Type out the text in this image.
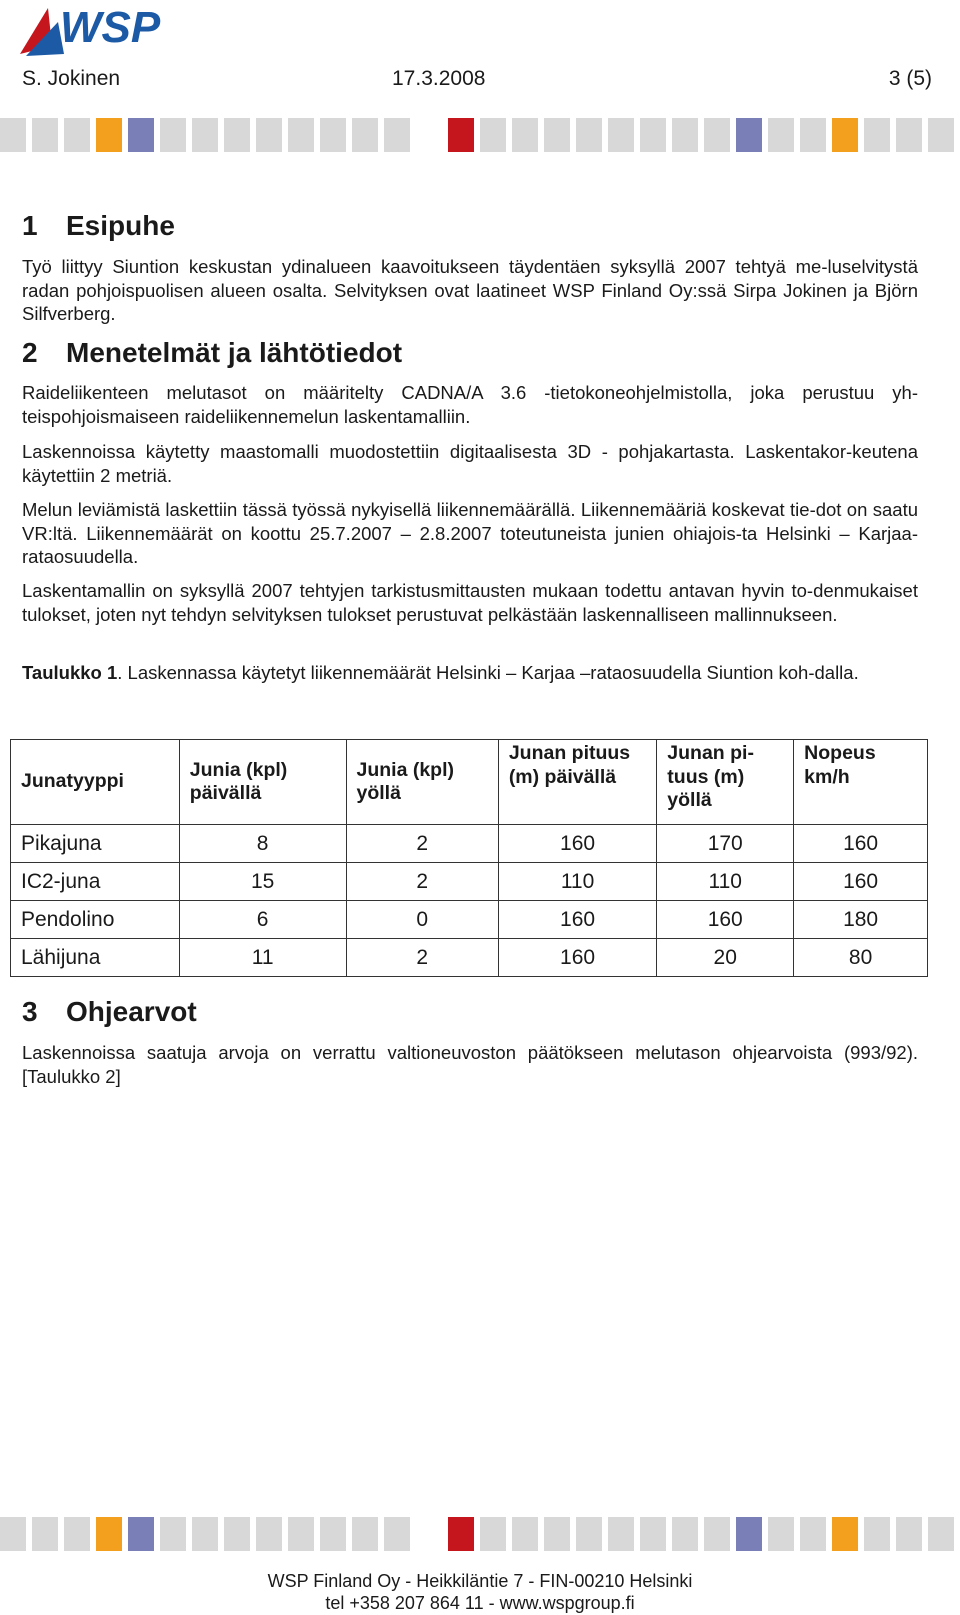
WSP
S. Jokinen	17.3.2008	3 (5)
1 Esipuhe

Työ liittyy Siuntion keskustan ydinalueen kaavoitukseen täydentäen syksyllä 2007 tehtyä me-luselvitystä radan pohjoispuolisen alueen osalta. Selvityksen ovat laatineet WSP Finland Oy:ssä Sirpa Jokinen ja Björn Silfverberg.

2 Menetelmät ja lähtötiedot

Raideliikenteen melutasot on määritelty CADNA/A 3.6 -tietokoneohjelmistolla, joka perustuu yh-teispohjoismaiseen raideliikennemelun laskentamalliin.

Laskennoissa käytetty maastomalli muodostettiin digitaalisesta 3D - pohjakartasta. Laskentakor-keutena käytettiin 2 metriä.

Melun leviämistä laskettiin tässä työssä nykyisellä liikennemäärällä. Liikennemääriä koskevat tie-dot on saatu VR:ltä. Liikennemäärät on koottu 25.7.2007 – 2.8.2007 toteutuneista junien ohiajois-ta Helsinki – Karjaa-rataosuudella.

Laskentamallin on syksyllä 2007 tehtyjen tarkistusmittausten mukaan todettu antavan hyvin to-denmukaiset tulokset, joten nyt tehdyn selvityksen tulokset perustuvat pelkästään laskennalliseen mallinnukseen.

Taulukko 1. Laskennassa käytetyt liikennemäärät Helsinki – Karjaa –rataosuudella Siuntion koh-dalla.

Junatyyppi	Junia (kpl) päivällä	Junia (kpl) yöllä	Junan pituus (m) päivällä	Junan pi-tuus (m) yöllä	Nopeus km/h
Pikajuna	8	2	160	170	160
IC2-juna	15	2	110	110	160
Pendolino	6	0	160	160	180
Lähijuna	11	2	160	20	80
3 Ohjearvot

Laskennoissa saatuja arvoja on verrattu valtioneuvoston päätökseen melutason ohjearvoista (993/92). [Taulukko 2]

WSP Finland Oy - Heikkiläntie 7 - FIN-00210 Helsinki
tel +358 207 864 11 - www.wspgroup.fi
